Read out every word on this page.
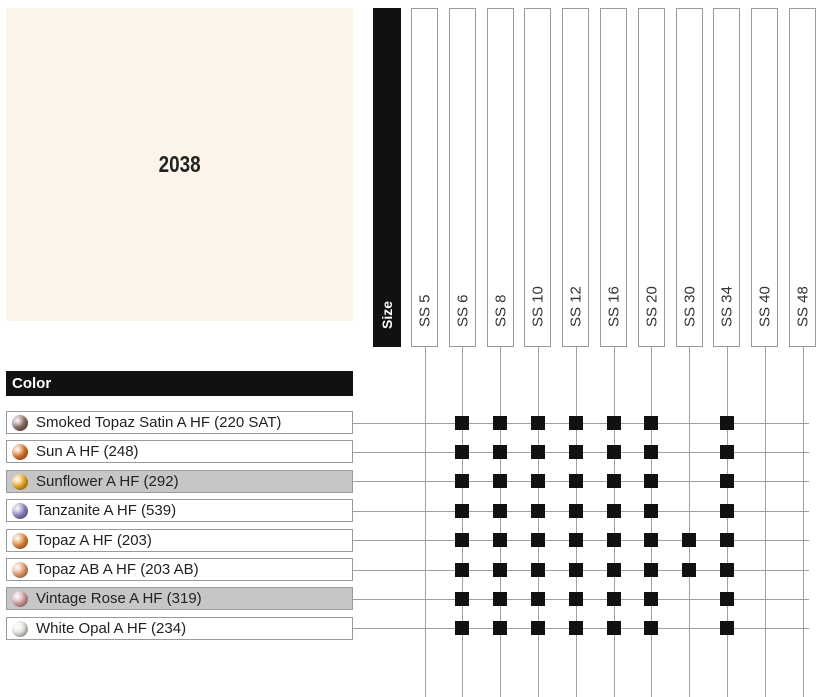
2038
Size SS 5 SS 6 SS 8 SS 10 SS 12 SS 16 SS 20 SS 30 SS 34 SS 40 SS 48
Color
Smoked Topaz Satin A HF (220 SAT)
Sun A HF (248)
Sunflower A HF (292)
Tanzanite A HF (539)
Topaz A HF (203)
Topaz AB A HF (203 AB)
Vintage Rose A HF (319)
White Opal A HF (234)
